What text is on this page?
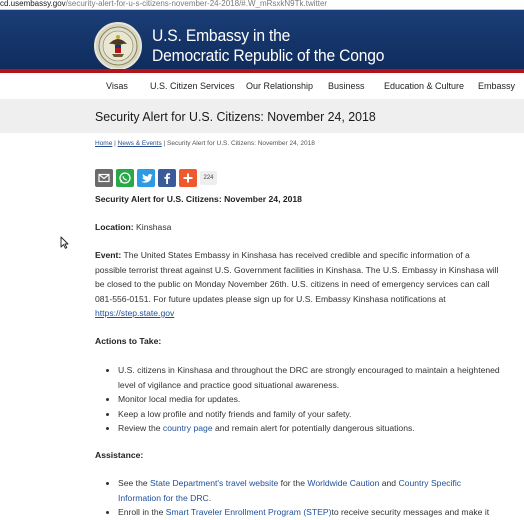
cd.usembassy.gov/security-alert-for-u-s-citizens-november-24-2018/#.W_mRsxkN9Tk.twitter
U.S. Embassy in the
Democratic Republic of the Congo
Visas U.S. Citizen Services Our Relationship Business Education & Culture Embassy
Security Alert for U.S. Citizens: November 24, 2018
Home | News & Events | Security Alert for U.S. Citizens: November 24, 2018
224
Security Alert for U.S. Citizens: November 24, 2018
Location: Kinshasa
Event: The United States Embassy in Kinshasa has received credible and specific information of a
possible terrorist threat against U.S. Government facilities in Kinshasa. The U.S. Embassy in Kinshasa will
be closed to the public on Monday November 26th. U.S. citizens in need of emergency services can call
081-556-0151. For future updates please sign up for U.S. Embassy Kinshasa notifications at
https://step.state.gov
Actions to Take:
• U.S. citizens in Kinshasa and throughout the DRC are strongly encouraged to maintain a heightened
level of vigilance and practice good situational awareness.
• Monitor local media for updates.
• Keep a low profile and notify friends and family of your safety.
• Review the country page and remain alert for potentially dangerous situations.
Assistance:
• See the State Department's travel website for the Worldwide Caution and Country Specific
Information for the DRC.
• Enroll in the Smart Traveler Enrollment Program (STEP)to receive security messages and make it
